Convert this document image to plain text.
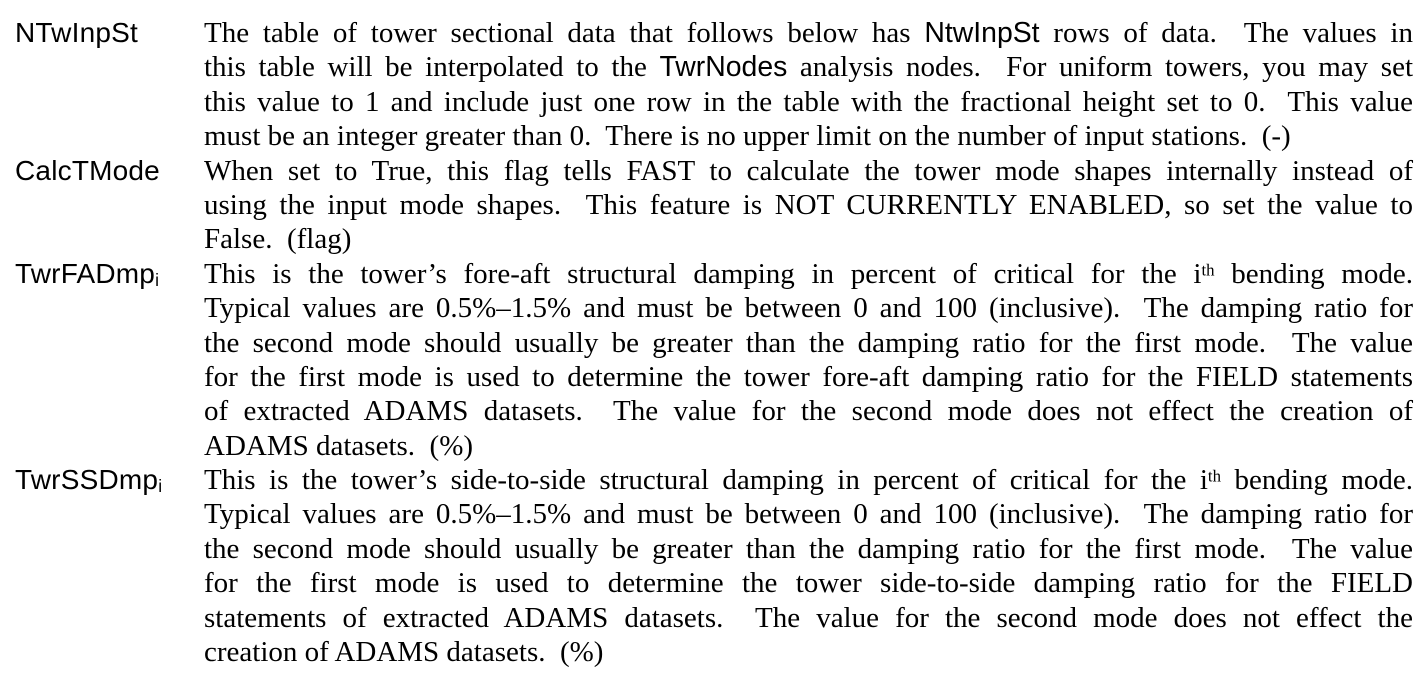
NTwInpSt	The table of tower sectional data that follows below has NtwInpSt rows of data.  The values in
this table will be interpolated to the TwrNodes analysis nodes.  For uniform towers, you may set
this value to 1 and include just one row in the table with the fractional height set to 0.  This value
must be an integer greater than 0.  There is no upper limit on the number of input stations.  (-)
CalcTMode	When set to True, this flag tells FAST to calculate the tower mode shapes internally instead of
using the input mode shapes.  This feature is NOT CURRENTLY ENABLED, so set the value to
False.  (flag)
TwrFADmpi	This is the tower’s fore-aft structural damping in percent of critical for the $i^{th}$ bending mode.
Typical values are 0.5%–1.5% and must be between 0 and 100 (inclusive).  The damping ratio for
the second mode should usually be greater than the damping ratio for the first mode.  The value
for the first mode is used to determine the tower fore-aft damping ratio for the FIELD statements
of extracted ADAMS datasets.  The value for the second mode does not effect the creation of
ADAMS datasets.  (%)
TwrSSDmpi	This is the tower’s side-to-side structural damping in percent of critical for the $i^{th}$ bending mode.
Typical values are 0.5%–1.5% and must be between 0 and 100 (inclusive).  The damping ratio for
the second mode should usually be greater than the damping ratio for the first mode.  The value
for the first mode is used to determine the tower side-to-side damping ratio for the FIELD
statements of extracted ADAMS datasets.  The value for the second mode does not effect the
creation of ADAMS datasets.  (%)
